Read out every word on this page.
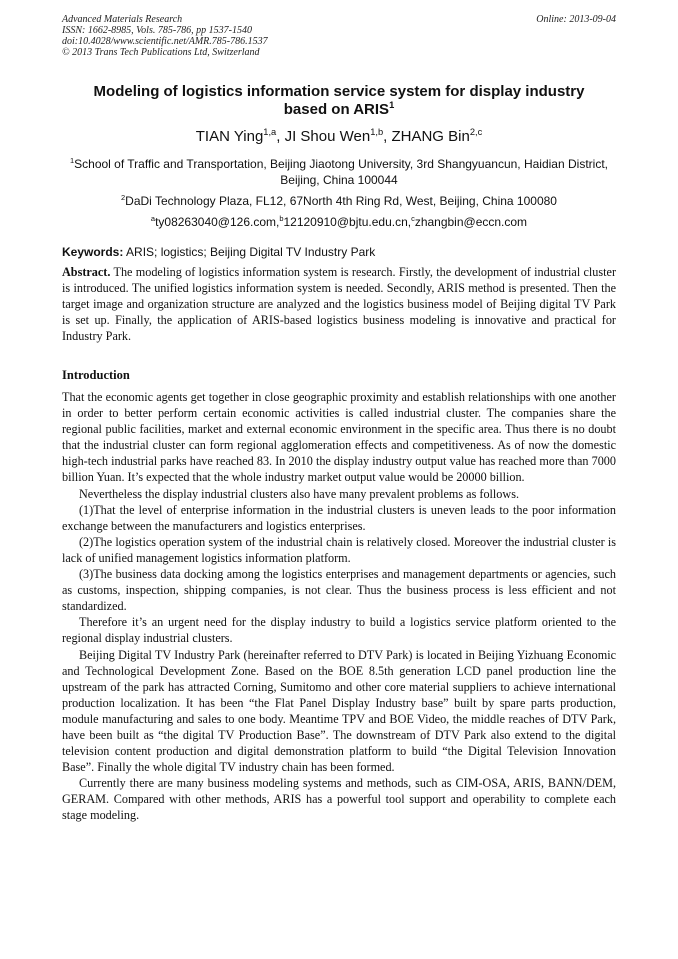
Advanced Materials Research
ISSN: 1662-8985, Vols. 785-786, pp 1537-1540
doi:10.4028/www.scientific.net/AMR.785-786.1537
© 2013 Trans Tech Publications Ltd, Switzerland
Online: 2013-09-04
Modeling of logistics information service system for display industry
based on ARIS$^1$
TIAN Ying$^{1,a}$, JI Shou Wen$^{1,b}$, ZHANG Bin$^{2,c}$
$^1$School of Traffic and Transportation, Beijing Jiaotong University, 3rd Shangyuancun, Haidian District, Beijing, China 100044
$^2$DaDi Technology Plaza, FL12, 67North 4th Ring Rd, West, Beijing, China 100080
$^a$ty08263040@126.com,$^b$12120910@bjtu.edu.cn,$^c$zhangbin@eccn.com
Keywords: ARIS; logistics; Beijing Digital TV Industry Park
Abstract. The modeling of logistics information system is research. Firstly, the development of industrial cluster is introduced. The unified logistics information system is needed. Secondly, ARIS method is presented. Then the target image and organization structure are analyzed and the logistics business model of Beijing digital TV Park is set up. Finally, the application of ARIS-based logistics business modeling is innovative and practical for Industry Park.
Introduction

That the economic agents get together in close geographic proximity and establish relationships with one another in order to better perform certain economic activities is called industrial cluster. The companies share the regional public facilities, market and external economic environment in the specific area. Thus there is no doubt that the industrial cluster can form regional agglomeration effects and competitiveness. As of now the domestic high-tech industrial parks have reached 83. In 2010 the display industry output value has reached more than 7000 billion Yuan. It’s expected that the whole industry market output value would be 20000 billion.

Nevertheless the display industrial clusters also have many prevalent problems as follows.

(1)That the level of enterprise information in the industrial clusters is uneven leads to the poor information exchange between the manufacturers and logistics enterprises.

(2)The logistics operation system of the industrial chain is relatively closed. Moreover the industrial cluster is lack of unified management logistics information platform.

(3)The business data docking among the logistics enterprises and management departments or agencies, such as customs, inspection, shipping companies, is not clear. Thus the business process is less efficient and not standardized.

Therefore it’s an urgent need for the display industry to build a logistics service platform oriented to the regional display industrial clusters.

Beijing Digital TV Industry Park (hereinafter referred to DTV Park) is located in Beijing Yizhuang Economic and Technological Development Zone. Based on the BOE 8.5th generation LCD panel production line the upstream of the park has attracted Corning, Sumitomo and other core material suppliers to achieve international production localization. It has been “the Flat Panel Display Industry base” built by spare parts production, module manufacturing and sales to one body. Meantime TPV and BOE Video, the middle reaches of DTV Park, have been built as “the digital TV Production Base”. The downstream of DTV Park also extend to the digital television content production and digital demonstration platform to build “the Digital Television Innovation Base”. Finally the whole digital TV industry chain has been formed.

Currently there are many business modeling systems and methods, such as CIM-OSA, ARIS, BANN/DEM, GERAM. Compared with other methods, ARIS has a powerful tool support and operability to complete each stage modeling.
